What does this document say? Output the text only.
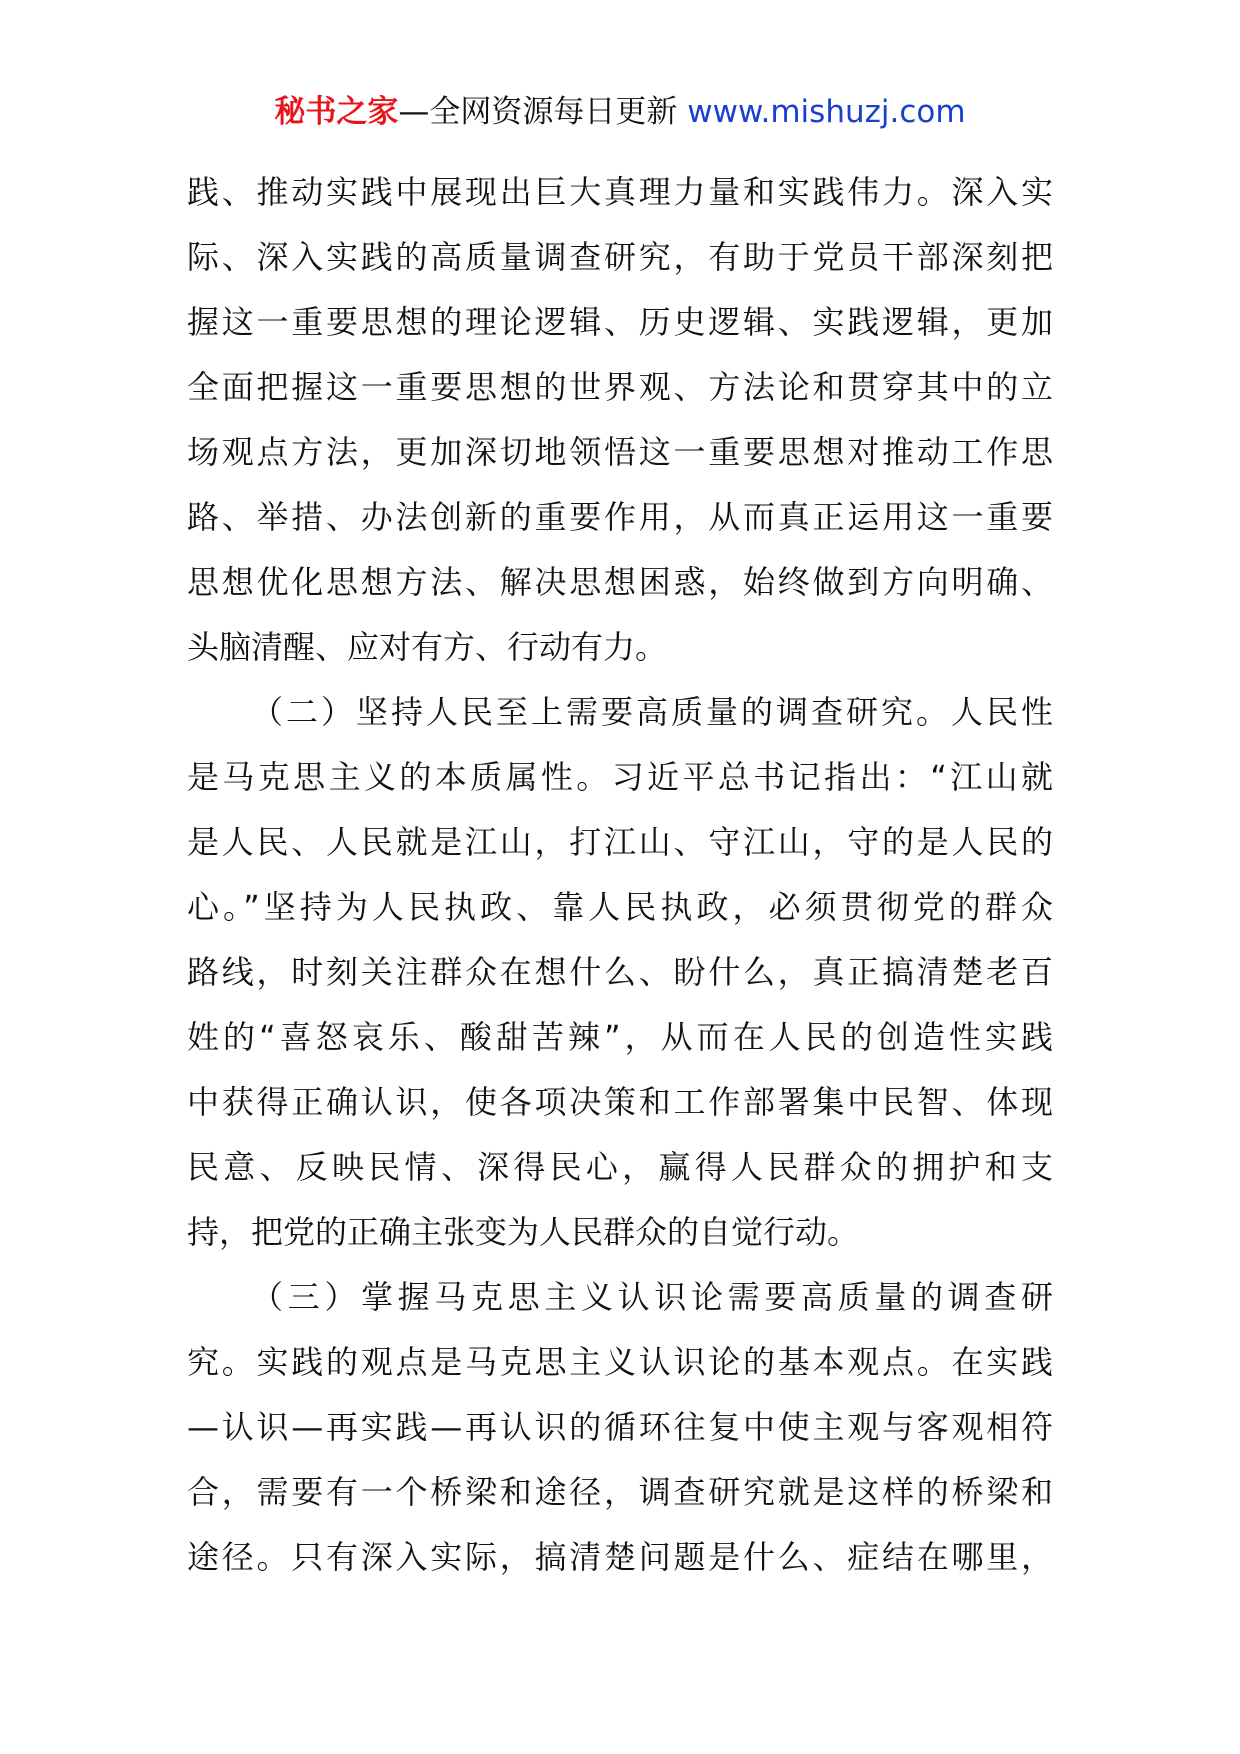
秘书之家—全网资源每日更新 www.mishuzj.com
践、推动实践中展现出巨大真理力量和实践伟力。深入实
际、深入实践的高质量调查研究，有助于党员干部深刻把
握这一重要思想的理论逻辑、历史逻辑、实践逻辑，更加
全面把握这一重要思想的世界观、方法论和贯穿其中的立
场观点方法，更加深切地领悟这一重要思想对推动工作思
路、举措、办法创新的重要作用，从而真正运用这一重要
思想优化思想方法、解决思想困惑，始终做到方向明确、
头脑清醒、应对有方、行动有力。
（二）坚持人民至上需要高质量的调查研究。人民性
是马克思主义的本质属性。习近平总书记指出：“江山就
是人民、人民就是江山，打江山、守江山，守的是人民的
心。”坚持为人民执政、靠人民执政，必须贯彻党的群众
路线，时刻关注群众在想什么、盼什么，真正搞清楚老百
姓的“喜怒哀乐、酸甜苦辣”，从而在人民的创造性实践
中获得正确认识，使各项决策和工作部署集中民智、体现
民意、反映民情、深得民心，赢得人民群众的拥护和支
持，把党的正确主张变为人民群众的自觉行动。
（三）掌握马克思主义认识论需要高质量的调查研
究。实践的观点是马克思主义认识论的基本观点。在实践
—认识—再实践—再认识的循环往复中使主观与客观相符
合，需要有一个桥梁和途径，调查研究就是这样的桥梁和
途径。只有深入实际，搞清楚问题是什么、症结在哪里，
